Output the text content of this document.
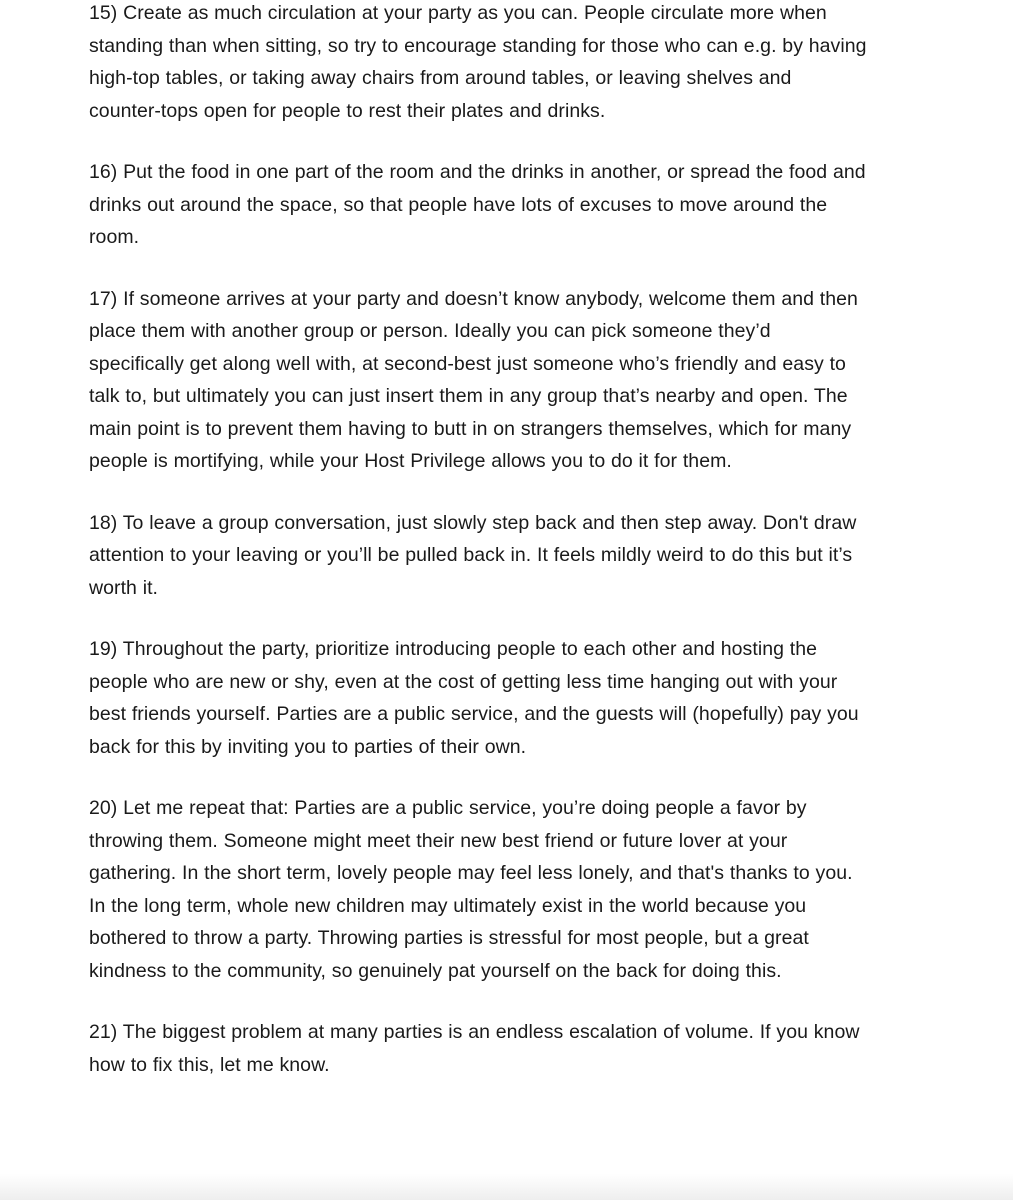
15) Create as much circulation at your party as you can. People circulate more when standing than when sitting, so try to encourage standing for those who can e.g. by having high-top tables, or taking away chairs from around tables, or leaving shelves and counter-tops open for people to rest their plates and drinks.

16) Put the food in one part of the room and the drinks in another, or spread the food and drinks out around the space, so that people have lots of excuses to move around the room.

17) If someone arrives at your party and doesn’t know anybody, welcome them and then place them with another group or person. Ideally you can pick someone they’d specifically get along well with, at second-best just someone who’s friendly and easy to talk to, but ultimately you can just insert them in any group that’s nearby and open. The main point is to prevent them having to butt in on strangers themselves, which for many people is mortifying, while your Host Privilege allows you to do it for them.

18) To leave a group conversation, just slowly step back and then step away. Don't draw attention to your leaving or you’ll be pulled back in. It feels mildly weird to do this but it’s worth it.

19) Throughout the party, prioritize introducing people to each other and hosting the people who are new or shy, even at the cost of getting less time hanging out with your best friends yourself. Parties are a public service, and the guests will (hopefully) pay you back for this by inviting you to parties of their own.

20) Let me repeat that: Parties are a public service, you’re doing people a favor by throwing them. Someone might meet their new best friend or future lover at your gathering. In the short term, lovely people may feel less lonely, and that's thanks to you. In the long term, whole new children may ultimately exist in the world because you bothered to throw a party. Throwing parties is stressful for most people, but a great kindness to the community, so genuinely pat yourself on the back for doing this.

21) The biggest problem at many parties is an endless escalation of volume. If you know how to fix this, let me know.
